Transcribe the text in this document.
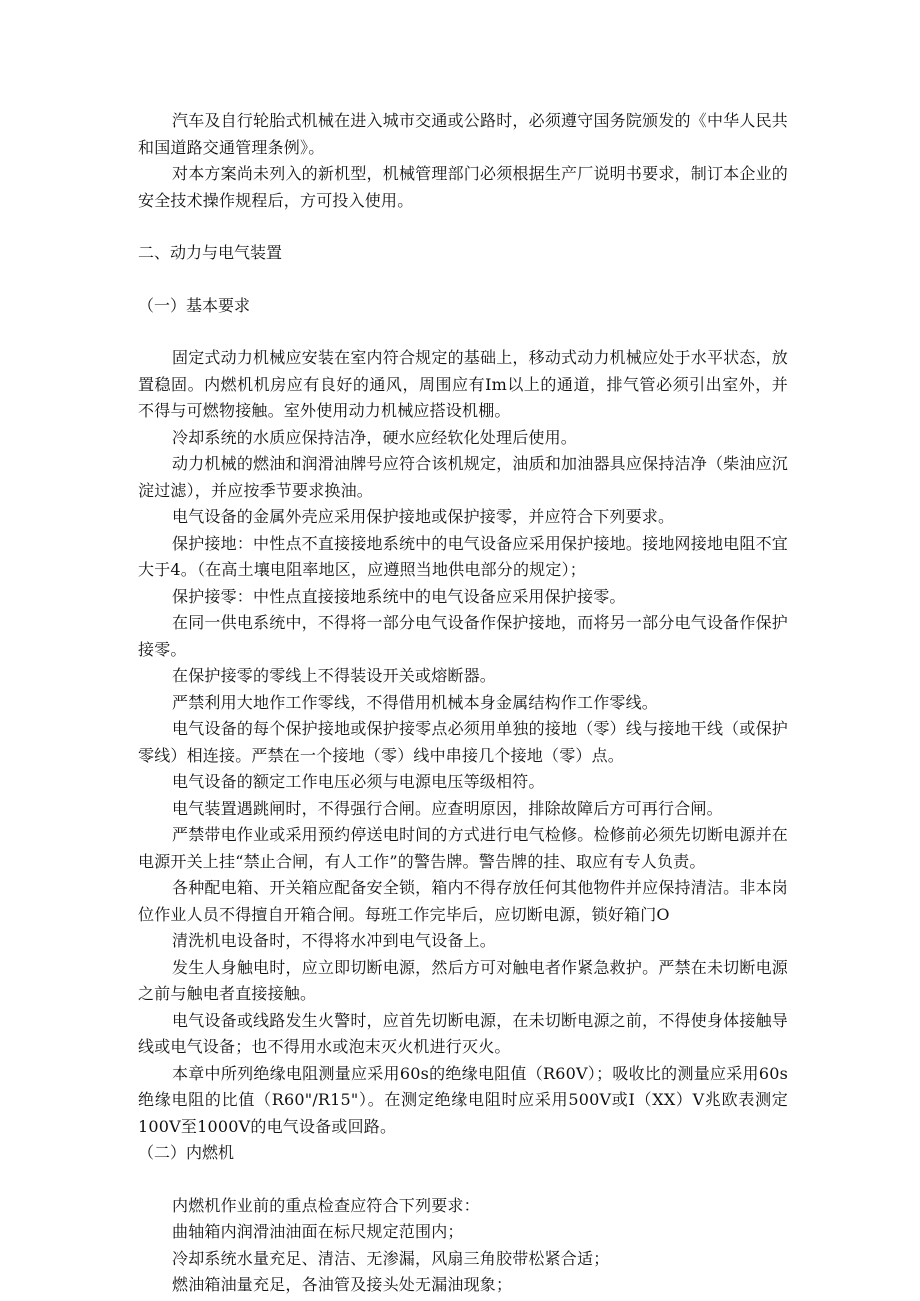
汽车及自行轮胎式机械在进入城市交通或公路时，必须遵守国务院颁发的《中华人民共和国道路交通管理条例》。

对本方案尚未列入的新机型，机械管理部门必须根据生产厂说明书要求，制订本企业的安全技术操作规程后，方可投入使用。

二、动力与电气装置

（一）基本要求

固定式动力机械应安装在室内符合规定的基础上，移动式动力机械应处于水平状态，放置稳固。内燃机机房应有良好的通风，周围应有Im以上的通道，排气管必须引出室外，并不得与可燃物接触。室外使用动力机械应搭设机棚。

冷却系统的水质应保持洁净，硬水应经软化处理后使用。

动力机械的燃油和润滑油牌号应符合该机规定，油质和加油器具应保持洁净（柴油应沉淀过滤），并应按季节要求换油。

电气设备的金属外壳应采用保护接地或保护接零，并应符合下列要求。

保护接地：中性点不直接接地系统中的电气设备应采用保护接地。接地网接地电阻不宜大于4。（在高土壤电阻率地区，应遵照当地供电部分的规定）；

保护接零：中性点直接接地系统中的电气设备应采用保护接零。

在同一供电系统中，不得将一部分电气设备作保护接地，而将另一部分电气设备作保护接零。

在保护接零的零线上不得装设开关或熔断器。

严禁利用大地作工作零线，不得借用机械本身金属结构作工作零线。

电气设备的每个保护接地或保护接零点必须用单独的接地（零）线与接地干线（或保护零线）相连接。严禁在一个接地（零）线中串接几个接地（零）点。

电气设备的额定工作电压必须与电源电压等级相符。

电气装置遇跳闸时，不得强行合闸。应查明原因，排除故障后方可再行合闸。

严禁带电作业或采用预约停送电时间的方式进行电气检修。检修前必须先切断电源并在电源开关上挂“禁止合闸，有人工作”的警告牌。警告牌的挂、取应有专人负责。

各种配电箱、开关箱应配备安全锁，箱内不得存放任何其他物件并应保持清洁。非本岗位作业人员不得擅自开箱合闸。每班工作完毕后，应切断电源，锁好箱门O

清洗机电设备时，不得将水冲到电气设备上。

发生人身触电时，应立即切断电源，然后方可对触电者作紧急救护。严禁在未切断电源之前与触电者直接接触。

电气设备或线路发生火警时，应首先切断电源，在未切断电源之前，不得使身体接触导线或电气设备；也不得用水或泡末灭火机进行灭火。

本章中所列绝缘电阻测量应采用60s的绝缘电阻值（R60V）；吸收比的测量应采用60s绝缘电阻的比值（R60"/R15"）。在测定绝缘电阻时应采用500V或I（XX）V兆欧表测定100V至1000V的电气设备或回路。

（二）内燃机

内燃机作业前的重点检查应符合下列要求：

曲轴箱内润滑油油面在标尺规定范围内；

冷却系统水量充足、清洁、无渗漏，风扇三角胶带松紧合适；

燃油箱油量充足，各油管及接头处无漏油现象；
